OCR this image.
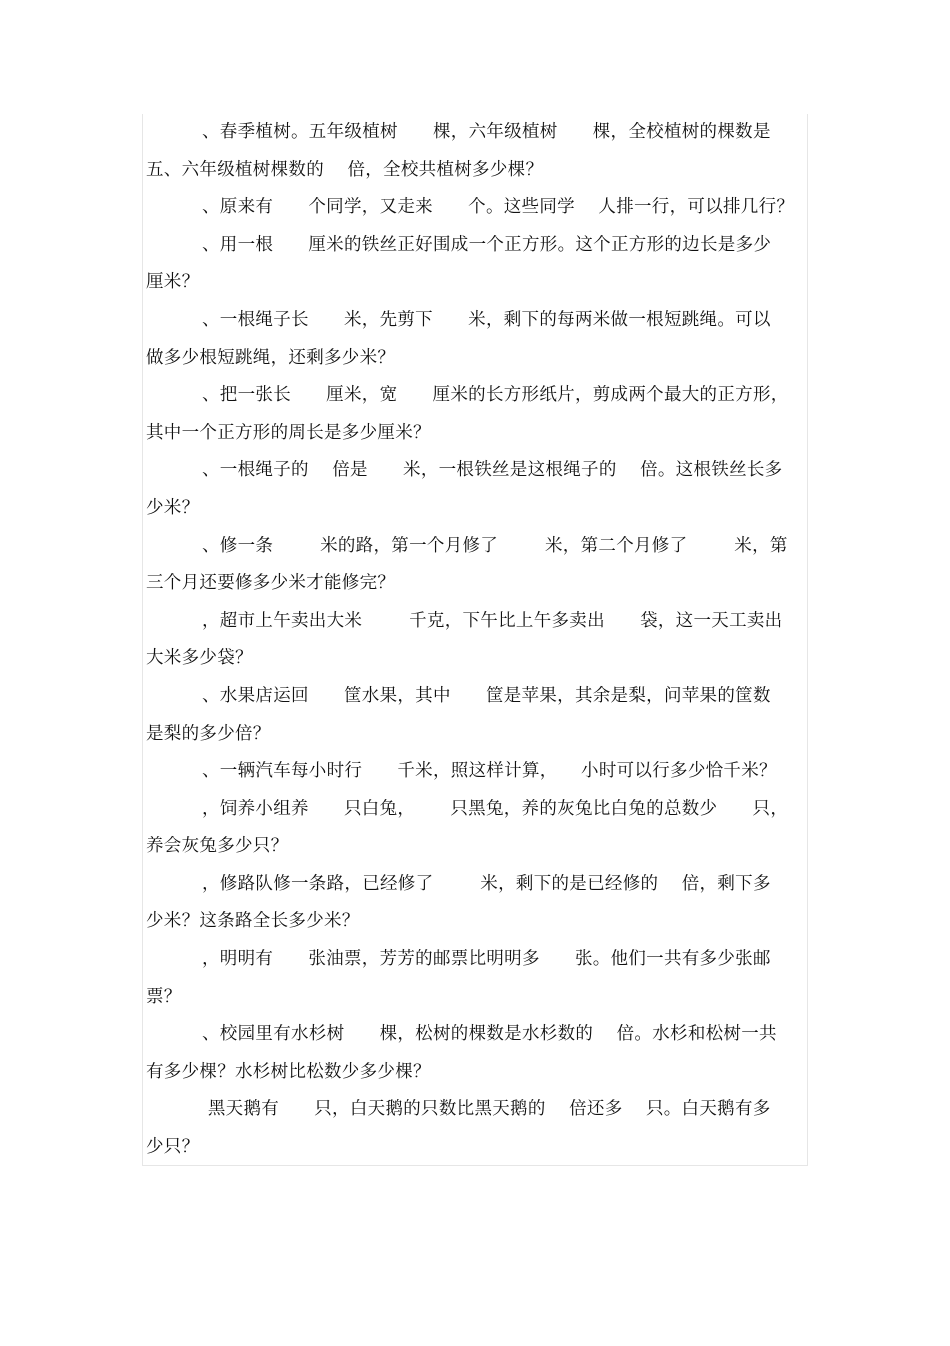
、春季植树。五年级植树      棵，六年级植树      棵，全校植树的棵数是
五、六年级植树棵数的    倍，全校共植树多少棵？
、原来有      个同学，又走来      个。这些同学    人排一行，可以排几行？
、用一根      厘米的铁丝正好围成一个正方形。这个正方形的边长是多少
厘米？
、一根绳子长      米，先剪下      米，剩下的每两米做一根短跳绳。可以
做多少根短跳绳，还剩多少米？
、把一张长      厘米，宽      厘米的长方形纸片，剪成两个最大的正方形，
其中一个正方形的周长是多少厘米？
、一根绳子的    倍是      米，一根铁丝是这根绳子的    倍。这根铁丝长多
少米？
、修一条        米的路，第一个月修了        米，第二个月修了        米，第
三个月还要修多少米才能修完？
，超市上午卖出大米        千克，下午比上午多卖出      袋，这一天工卖出
大米多少袋？
、水果店运回      筐水果，其中      筐是苹果，其余是梨，问苹果的筐数
是梨的多少倍？
、一辆汽车每小时行      千米，照这样计算，    小时可以行多少恰千米？
，饲养小组养      只白兔，      只黑兔，养的灰兔比白兔的总数少      只，
养会灰兔多少只？
，修路队修一条路，已经修了        米，剩下的是已经修的    倍，剩下多
少米？这条路全长多少米？
，明明有      张油票，芳芳的邮票比明明多      张。他们一共有多少张邮
票？
、校园里有水杉树      棵，松树的棵数是水杉数的    倍。水杉和松树一共
有多少棵？水杉树比松数少多少棵？
黑天鹅有      只，白天鹅的只数比黑天鹅的    倍还多    只。白天鹅有多
少只？
